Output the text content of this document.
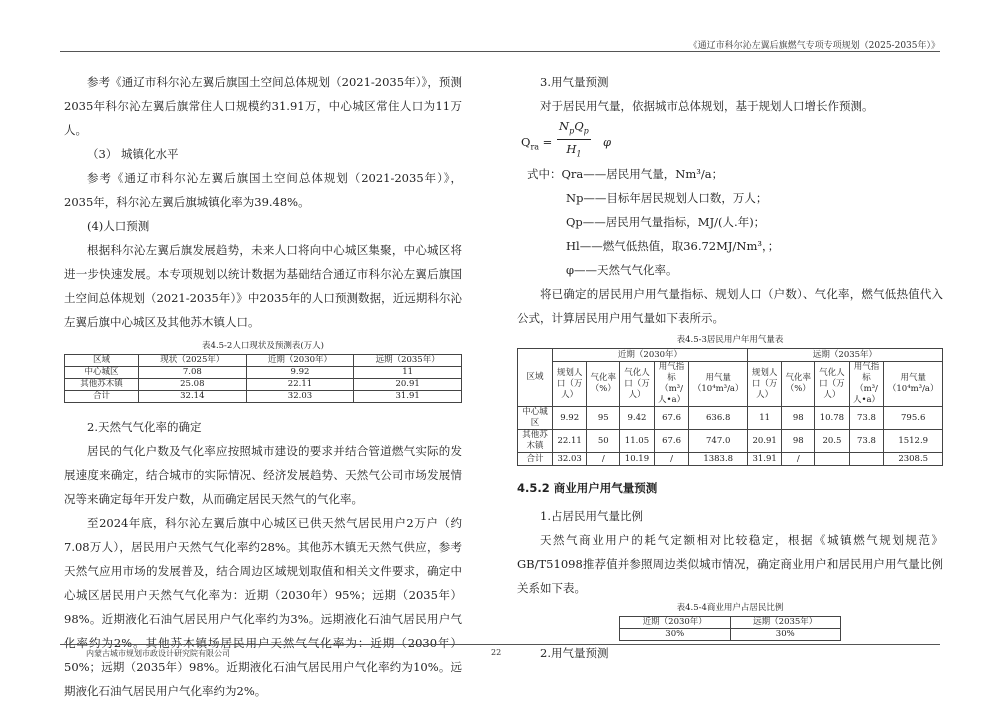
《通辽市科尔沁左翼后旗燃气专项专项规划（2025-2035年）》

参考《通辽市科尔沁左翼后旗国土空间总体规划（2021-2035年）》，预测2035年科尔沁左翼后旗常住人口规模约31.91万，中心城区常住人口为11万人。

（3） 城镇化水平

参考《通辽市科尔沁左翼后旗国土空间总体规划（2021-2035年）》，2035年，科尔沁左翼后旗城镇化率为39.48%。

(4)人口预测

根据科尔沁左翼后旗发展趋势，未来人口将向中心城区集聚，中心城区将进一步快速发展。本专项规划以统计数据为基础结合通辽市科尔沁左翼后旗国土空间总体规划（2021-2035年）》中2035年的人口预测数据，近远期科尔沁左翼后旗中心城区及其他苏木镇人口。

表4.5-2人口现状及预测表(万人)
区域	现状（2025年）	近期（2030年）	远期（2035年）
中心城区	7.08	9.92	11
其他苏木镇	25.08	22.11	20.91
合计	32.14	32.03	31.91

2.天然气气化率的确定

居民的气化户数及气化率应按照城市建设的要求并结合管道燃气实际的发展速度来确定，结合城市的实际情况、经济发展趋势、天然气公司市场发展情况等来确定每年开发户数，从而确定居民天然气的气化率。

至2024年底，科尔沁左翼后旗中心城区已供天然气居民用户2万户（约7.08万人），居民用户天然气气化率约28%。其他苏木镇无天然气供应，参考天然气应用市场的发展普及，结合周边区域规划取值和相关文件要求，确定中心城区居民用户天然气气化率为：近期（2030年）95%；远期（2035年）98%。近期液化石油气居民用户气化率约为3%。远期液化石油气居民用户气化率约为2%。其他苏木镇场居民用户天然气气化率为：近期（2030年）50%；远期（2035年）98%。近期液化石油气居民用户气化率约为10%。远期液化石油气居民用户气化率约为2%。

3.用气量预测

对于居民用气量，依据城市总体规划，基于规划人口增长作预测。

$Q_{ra}$ =
$N_pQ_p$
$H_1$
φ

式中：Qra——居民用气量，Nm³/a；

Np——目标年居民规划人口数，万人；

Qp——居民用气量指标，MJ/(人.年)；

Hl——燃气低热值，取36.72MJ/Nm³，；

φ——天然气气化率。

将已确定的居民用户用气量指标、规划人口（户数）、气化率，燃气低热值代入公式，计算居民用户用气量如下表所示。

表4.5-3居民用户年用气量表
区域	近期（2030年）					远期（2035年）				
	规划人口（万人）	气化率（%）	气化人口（万人）	用气指标（m³/人•a）	用气量（10⁴m³/a）	规划人口（万人）	气化率（%）	气化人口（万人）	用气指标（m³/人•a）	用气量（10⁴m³/a）
中心城区	9.92	95	9.42	67.6	636.8	11	98	10.78	73.8	795.6
其他苏木镇	22.11	50	11.05	67.6	747.0	20.91	98	20.5	73.8	1512.9
合计	32.03	/	10.19	/	1383.8	31.91	/			2308.5

4.5.2 商业用户用气量预测

1.占居民用气量比例

天然气商业用户的耗气定额相对比较稳定，根据《城镇燃气规划规范》GB/T51098推荐值并参照周边类似城市情况，确定商业用户和居民用户用气量比例关系如下表。

表4.5-4商业用户占居民比例
近期（2030年）	远期（2035年）
30%	30%

2.用气量预测

内蒙古城市规划市政设计研究院有限公司	22
